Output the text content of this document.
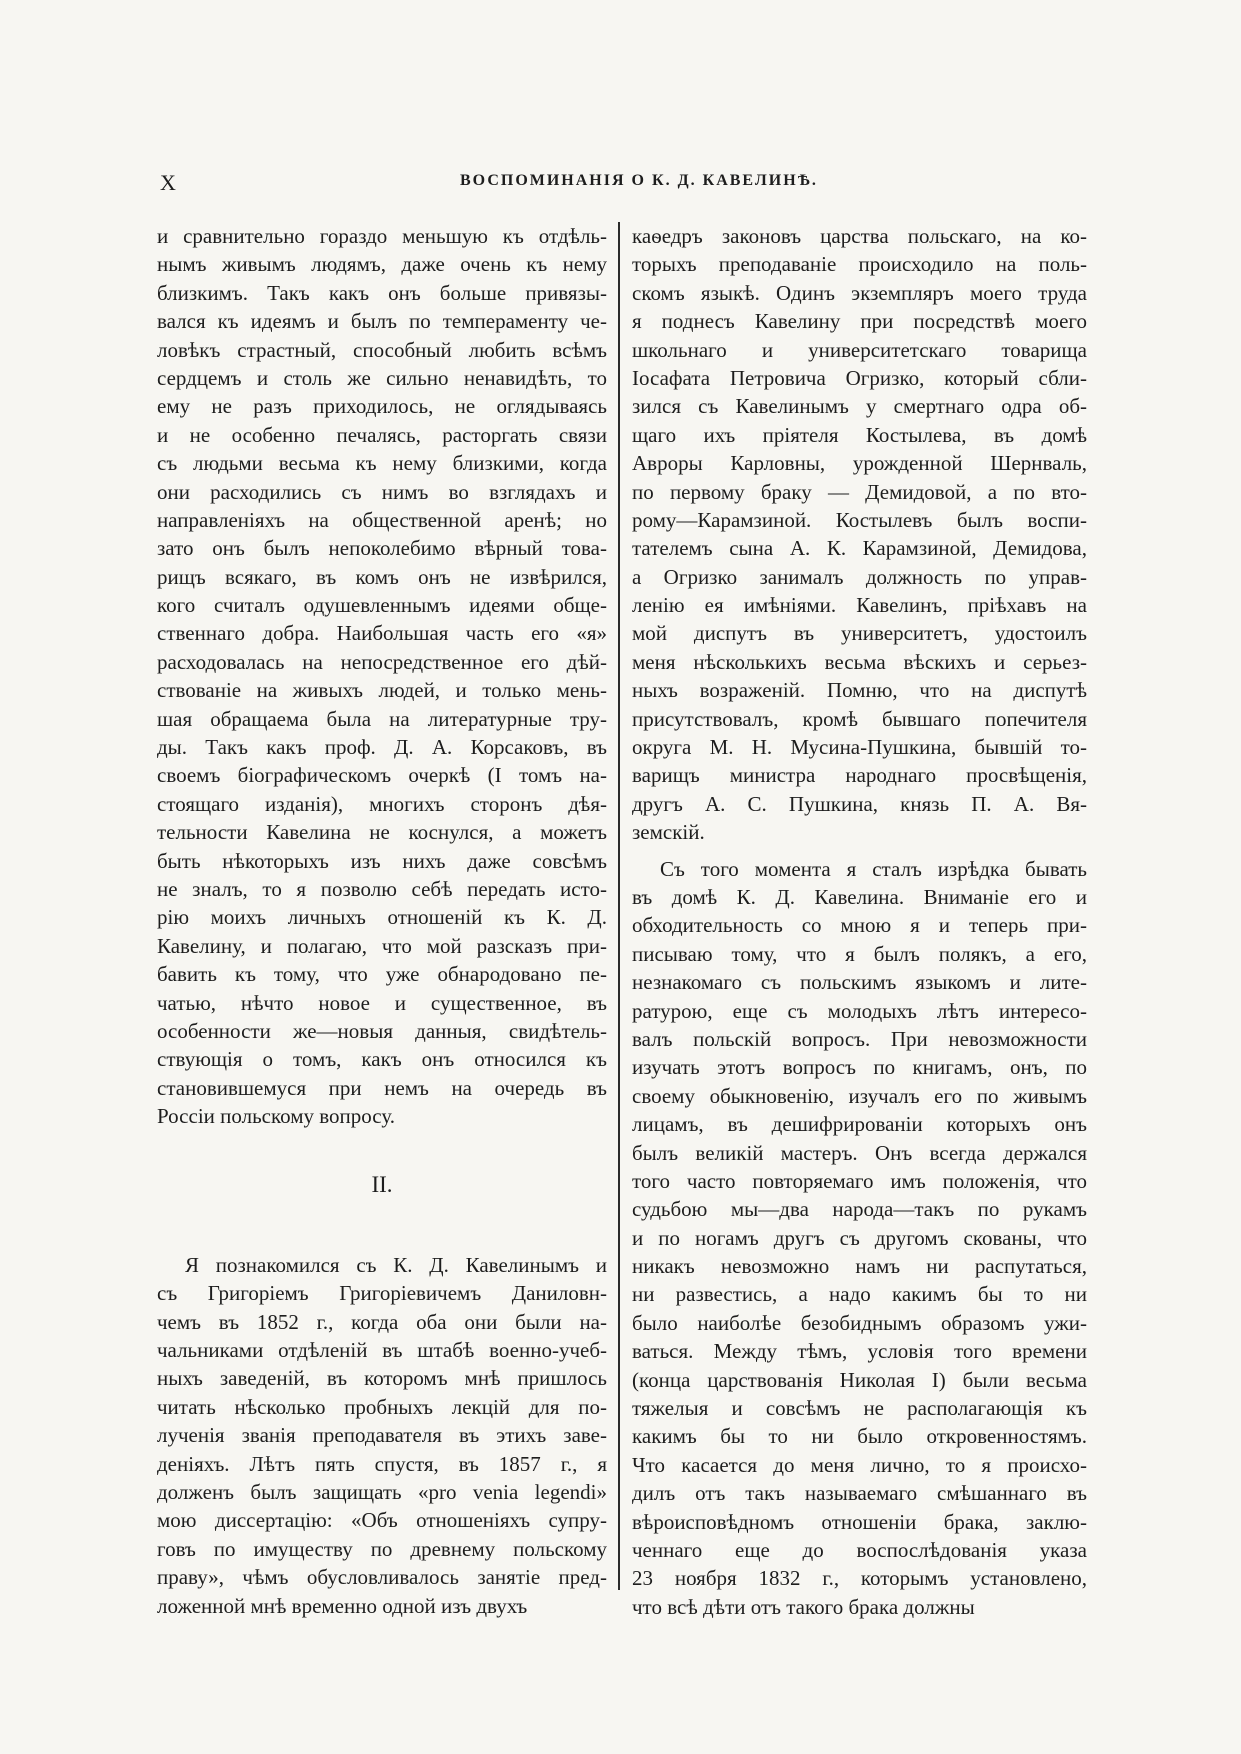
X	ВОСПОМИНАНІЯ О К. Д. КАВЕЛИНѢ.
и сравнительно гораздо меньшую къ отдѣль-
нымъ живымъ людямъ, даже очень къ нему
близкимъ. Такъ какъ онъ больше привязы-
вался къ идеямъ и былъ по темпераменту че-
ловѣкъ страстный, способный любить всѣмъ
сердцемъ и столь же сильно ненавидѣть, то
ему не разъ приходилось, не оглядываясь
и не особенно печалясь, расторгать связи
съ людьми весьма къ нему близкими, когда
они расходились съ нимъ во взглядахъ и
направленіяхъ на общественной аренѣ; но
зато онъ былъ непоколебимо вѣрный това-
рищъ всякаго, въ комъ онъ не извѣрился,
кого считалъ одушевленнымъ идеями обще-
ственнаго добра. Наибольшая часть его «я»
расходовалась на непосредственное его дѣй-
ствованіе на живыхъ людей, и только мень-
шая обращаема была на литературные тру-
ды. Такъ какъ проф. Д. А. Корсаковъ, въ
своемъ біографическомъ очеркѣ (I томъ на-
стоящаго изданія), многихъ сторонъ дѣя-
тельности Кавелина не коснулся, а можетъ
быть нѣкоторыхъ изъ нихъ даже совсѣмъ
не зналъ, то я позволю себѣ передать исто-
рію моихъ личныхъ отношеній къ К. Д.
Кавелину, и полагаю, что мой разсказъ при-
бавить къ тому, что уже обнародовано пе-
чатью, нѣчто новое и существенное, въ
особенности же—новыя данныя, свидѣтель-
ствующія о томъ, какъ онъ относился къ
становившемуся при немъ на очередь въ
Россіи польскому вопросу.
II.
Я познакомился съ К. Д. Кавелинымъ и
съ Григоріемъ Григоріевичемъ Даниловн-
чемъ въ 1852 г., когда оба они были на-
чальниками отдѣленій въ штабѣ военно-учеб-
ныхъ заведеній, въ которомъ мнѣ пришлось
читать нѣсколько пробныхъ лекцій для по-
лученія званія преподавателя въ этихъ заве-
деніяхъ. Лѣтъ пять спустя, въ 1857 г., я
долженъ былъ защищать «pro venia legendi»
мою диссертацію: «Объ отношеніяхъ супру-
говъ по имуществу по древнему польскому
праву», чѣмъ обусловливалось занятіе пред-
ложенной мнѣ временно одной изъ двухъ
каѳедръ законовъ царства польскаго, на ко-
торыхъ преподаваніе происходило на поль-
скомъ языкѣ. Одинъ экземпляръ моего труда
я поднесъ Кавелину при посредствѣ моего
школьнаго и университетскаго товарища
Іосафата Петровича Огризко, который сбли-
зился съ Кавелинымъ у смертнаго одра об-
щаго ихъ пріятеля Костылева, въ домѣ
Авроры Карловны, урожденной Шернваль,
по первому браку — Демидовой, а по вто-
рому—Карамзиной. Костылевъ былъ воспи-
тателемъ сына А. К. Карамзиной, Демидова,
а Огризко занималъ должность по управ-
ленію ея имѣніями. Кавелинъ, пріѣхавъ на
мой диспутъ въ университетъ, удостоилъ
меня нѣсколькихъ весьма вѣскихъ и серьез-
ныхъ возраженій. Помню, что на диспутѣ
присутствовалъ, кромѣ бывшаго попечителя
округа М. Н. Мусина-Пушкина, бывшій то-
варищъ министра народнаго просвѣщенія,
другъ А. С. Пушкина, князь П. А. Вя-
земскій.
Съ того момента я сталъ изрѣдка бывать
въ домѣ К. Д. Кавелина. Вниманіе его и
обходительность со мною я и теперь при-
писываю тому, что я былъ полякъ, а его,
незнакомаго съ польскимъ языкомъ и лите-
ратурою, еще съ молодыхъ лѣтъ интересо-
валъ польскій вопросъ. При невозможности
изучать этотъ вопросъ по книгамъ, онъ, по
своему обыкновенію, изучалъ его по живымъ
лицамъ, въ дешифрированіи которыхъ онъ
былъ великій мастеръ. Онъ всегда держался
того часто повторяемаго имъ положенія, что
судьбою мы—два народа—такъ по рукамъ
и по ногамъ другъ съ другомъ скованы, что
никакъ невозможно намъ ни распутаться,
ни развестись, а надо какимъ бы то ни
было наиболѣе безобиднымъ образомъ ужи-
ваться. Между тѣмъ, условія того времени
(конца царствованія Николая I) были весьма
тяжелыя и совсѣмъ не располагающія къ
какимъ бы то ни было откровенностямъ.
Что касается до меня лично, то я происхо-
дилъ отъ такъ называемаго смѣшаннаго въ
вѣроисповѣдномъ отношеніи брака, заклю-
ченнаго еще до воспослѣдованія указа
23 ноября 1832 г., которымъ установлено,
что всѣ дѣти отъ такого брака должны
